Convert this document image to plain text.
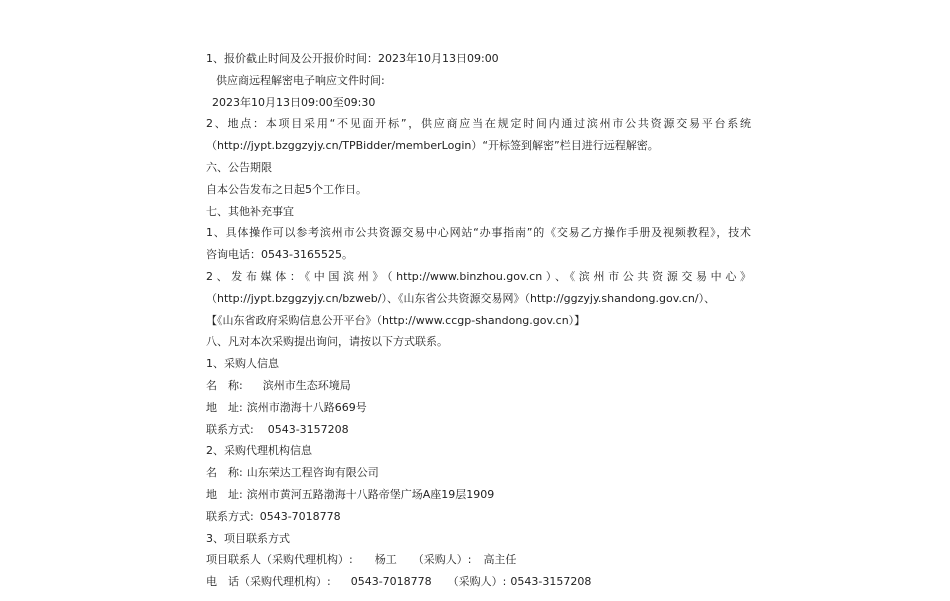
1、报价截止时间及公开报价时间：2023年10月13日09:00
供应商远程解密电子响应文件时间:
2023年10月13日09:00至09:30
2、地点：本项目采用“不见面开标”，供应商应当在规定时间内通过滨州市公共资源交易平台系统
（http://jypt.bzggzyjy.cn/TPBidder/memberLogin）“开标签到解密”栏目进行远程解密。
六、公告期限
自本公告发布之日起5个工作日。
七、其他补充事宜
1、具体操作可以参考滨州市公共资源交易中心网站“办事指南”的《交易乙方操作手册及视频教程》，技术
咨询电话：0543-3165525。
2、发布媒体：《中国滨州》（http://www.binzhou.gov.cn）、《滨州市公共资源交易中心》
（http://jypt.bzggzyjy.cn/bzweb/）、《山东省公共资源交易网》（http://ggzyjy.shandong.gov.cn/）、
【《山东省政府采购信息公开平台》（http://www.ccgp-shandong.gov.cn）】
八、凡对本次采购提出询问，请按以下方式联系。
1、采购人信息
名　称: 滨州市生态环境局
地　址: 滨州市渤海十八路669号
联系方式: 0543-3157208
2、采购代理机构信息
名　称: 山东荣达工程咨询有限公司
地　址: 滨州市黄河五路渤海十八路帝堡广场A座19层1909
联系方式: 0543-7018778
3、项目联系方式
项目联系人（采购代理机构）: 杨工 （采购人）: 高主任
电　话（采购代理机构）: 0543-7018778 （采购人）: 0543-3157208
